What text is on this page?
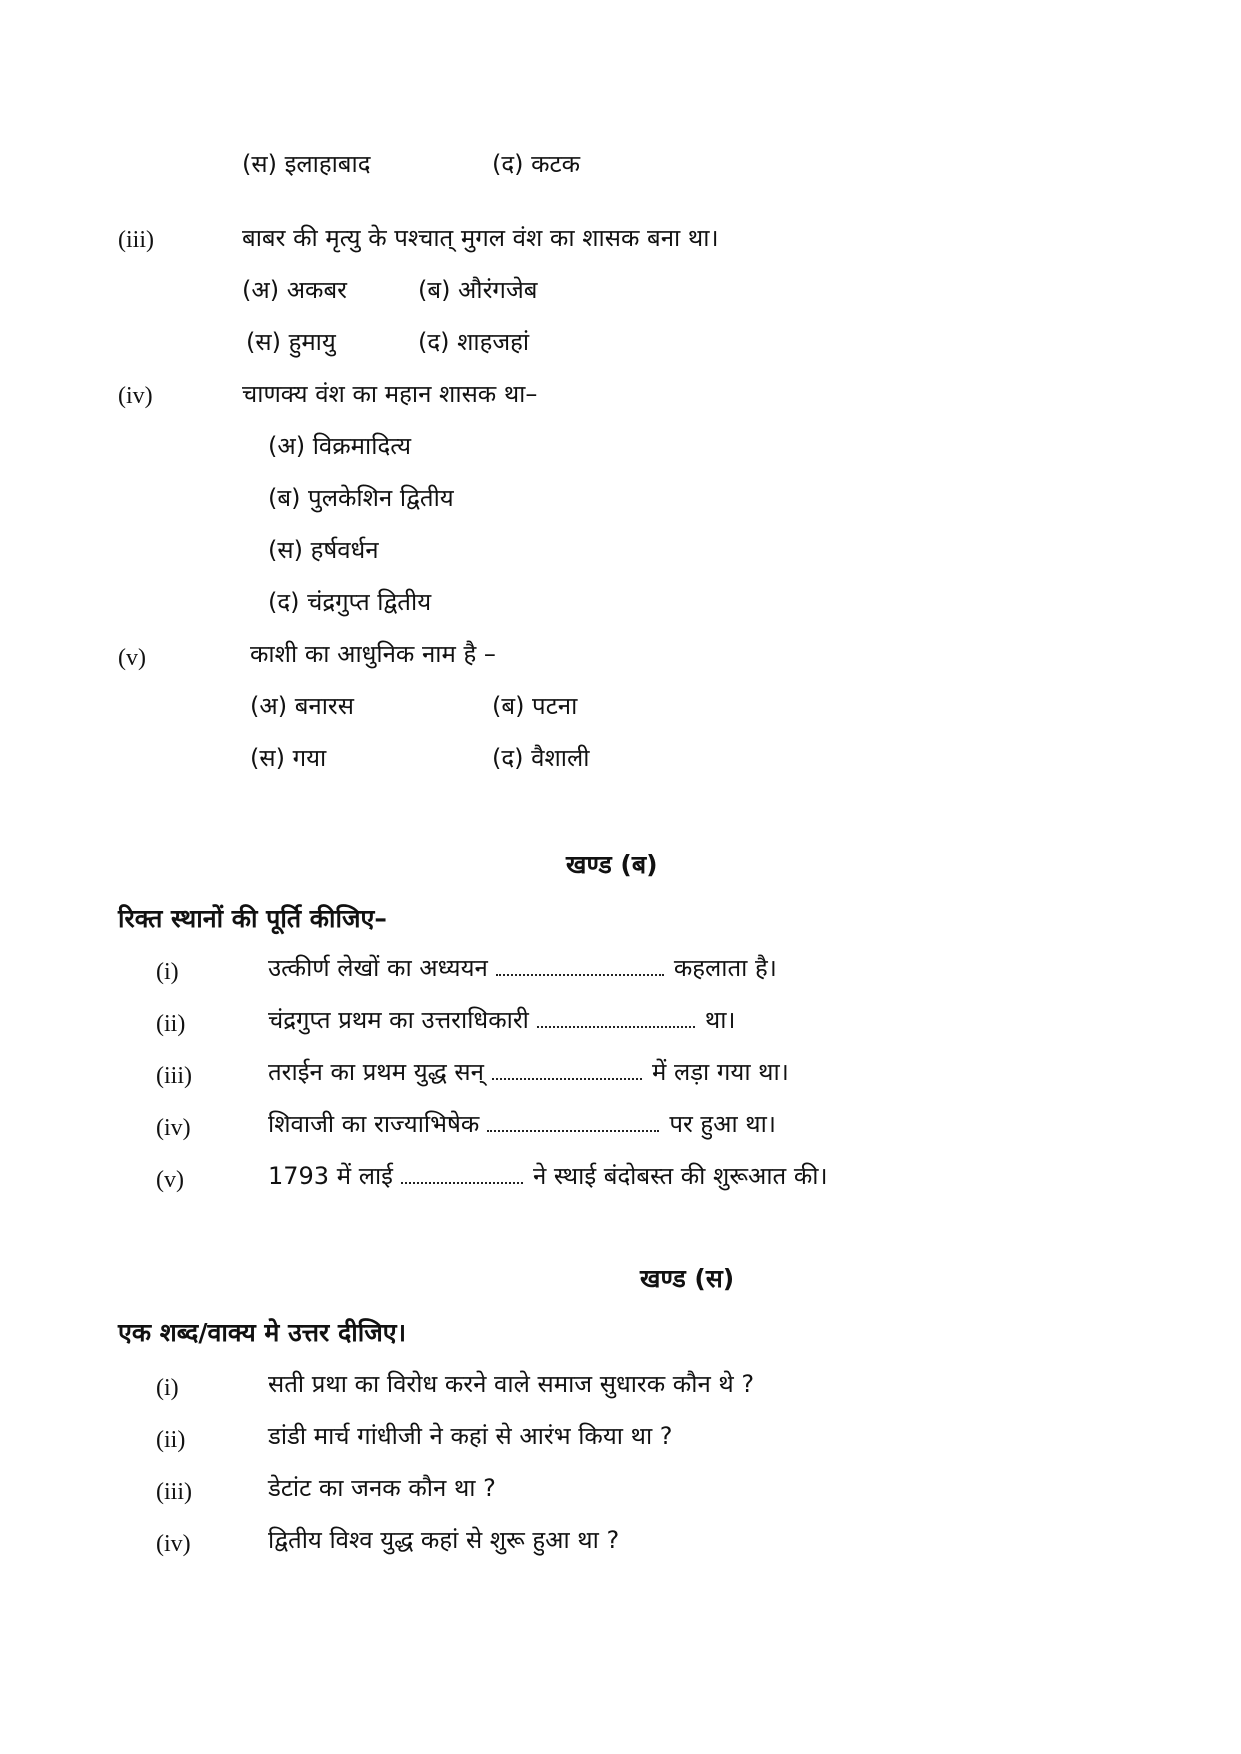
(स) इलाहाबाद	(द) कटक
(iii)	बाबर की मृत्यु के पश्चात् मुगल वंश का शासक बना था।
(अ) अकबर	(ब) औरंगजेब
(स) हुमायु	(द) शाहजहां
(iv)	चाणक्य वंश का महान शासक था–
(अ) विक्रमादित्य
(ब) पुलकेशिन द्वितीय
(स) हर्षवर्धन
(द) चंद्रगुप्त द्वितीय
(v)	काशी का आधुनिक नाम है –
(अ) बनारस	(ब) पटना
(स) गया	(द) वैशाली
खण्ड (ब)
रिक्त स्थानों की पूर्ति कीजिए–
(i)	उत्कीर्ण लेखों का अध्ययन	कहलाता है।
(ii)	चंद्रगुप्त प्रथम का उत्तराधिकारी	था।
(iii)	तराईन का प्रथम युद्ध सन्	में लड़ा गया था।
(iv)	शिवाजी का राज्याभिषेक	पर हुआ था।
(v)	1793 में लाई	ने स्थाई बंदोबस्त की शुरूआत की।
खण्ड (स)
एक शब्द/वाक्य मे उत्तर दीजिए।
(i)	सती प्रथा का विरोध करने वाले समाज सुधारक कौन थे ?
(ii)	डांडी मार्च गांधीजी ने कहां से आरंभ किया था ?
(iii)	डेटांट का जनक कौन था ?
(iv)	द्वितीय विश्व युद्ध कहां से शुरू हुआ था ?
